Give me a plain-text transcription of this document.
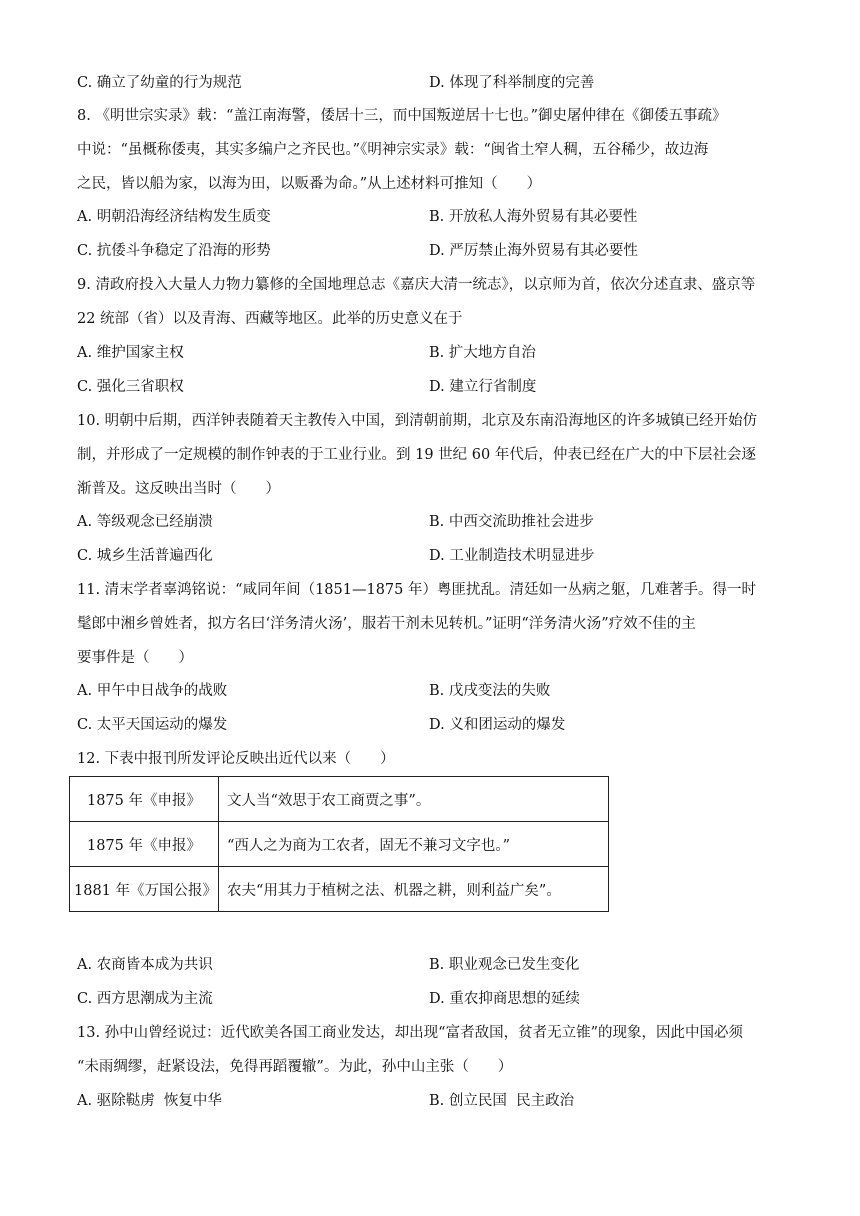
C. 确立了幼童的行为规范	D. 体现了科举制度的完善
8. 《明世宗实录》载：“盖江南海警，倭居十三，而中国叛逆居十七也。”御史屠仲律在《御倭五事疏》
中说：“虽概称倭夷，其实多编户之齐民也。”《明神宗实录》载：“闽省土窄人稠，五谷稀少，故边海
之民，皆以船为家，以海为田，以贩番为命。”从上述材料可推知（　　）
A. 明朝沿海经济结构发生质变	B. 开放私人海外贸易有其必要性
C. 抗倭斗争稳定了沿海的形势	D. 严厉禁止海外贸易有其必要性
9. 清政府投入大量人力物力纂修的全国地理总志《嘉庆大清一统志》，以京师为首，依次分述直隶、盛京等
22 统部（省）以及青海、西藏等地区。此举的历史意义在于
A. 维护国家主权	B. 扩大地方自治
C. 强化三省职权	D. 建立行省制度
10. 明朝中后期，西洋钟表随着天主教传入中国，到清朝前期，北京及东南沿海地区的许多城镇已经开始仿
制，并形成了一定规模的制作钟表的于工业行业。到 19 世纪 60 年代后，仲表已经在广大的中下层社会逐
渐普及。这反映出当时（　　）
A. 等级观念已经崩溃	B. 中西交流助推社会进步
C. 城乡生活普遍西化	D. 工业制造技术明显进步
11. 清末学者辜鸿铭说：“咸同年间（1851—1875 年）粤匪扰乱。清廷如一丛病之躯，几难著手。得一时
髦郎中湘乡曾姓者，拟方名曰‘洋务清火汤’，服若干剂未见转机。”证明“洋务清火汤”疗效不佳的主
要事件是（　　）
A. 甲午中日战争的战败	B. 戊戌变法的失败
C. 太平天国运动的爆发	D. 义和团运动的爆发
12. 下表中报刊所发评论反映出近代以来（　　）
1875 年《申报》	文人当“效思于农工商贾之事”。
1875 年《申报》	“西人之为商为工农者，固无不兼习文字也。”
1881 年《万国公报》	农夫“用其力于植树之法、机器之耕，则利益广矣”。
A. 农商皆本成为共识	B. 职业观念已发生变化
C. 西方思潮成为主流	D. 重农抑商思想的延续
13. 孙中山曾经说过：近代欧美各国工商业发达，却出现“富者敌国，贫者无立锥”的现象，因此中国必须
“未雨绸缪，赶紧设法，免得再蹈覆辙”。为此，孙中山主张（　　）
A. 驱除鞑虏  恢复中华	B. 创立民国  民主政治
